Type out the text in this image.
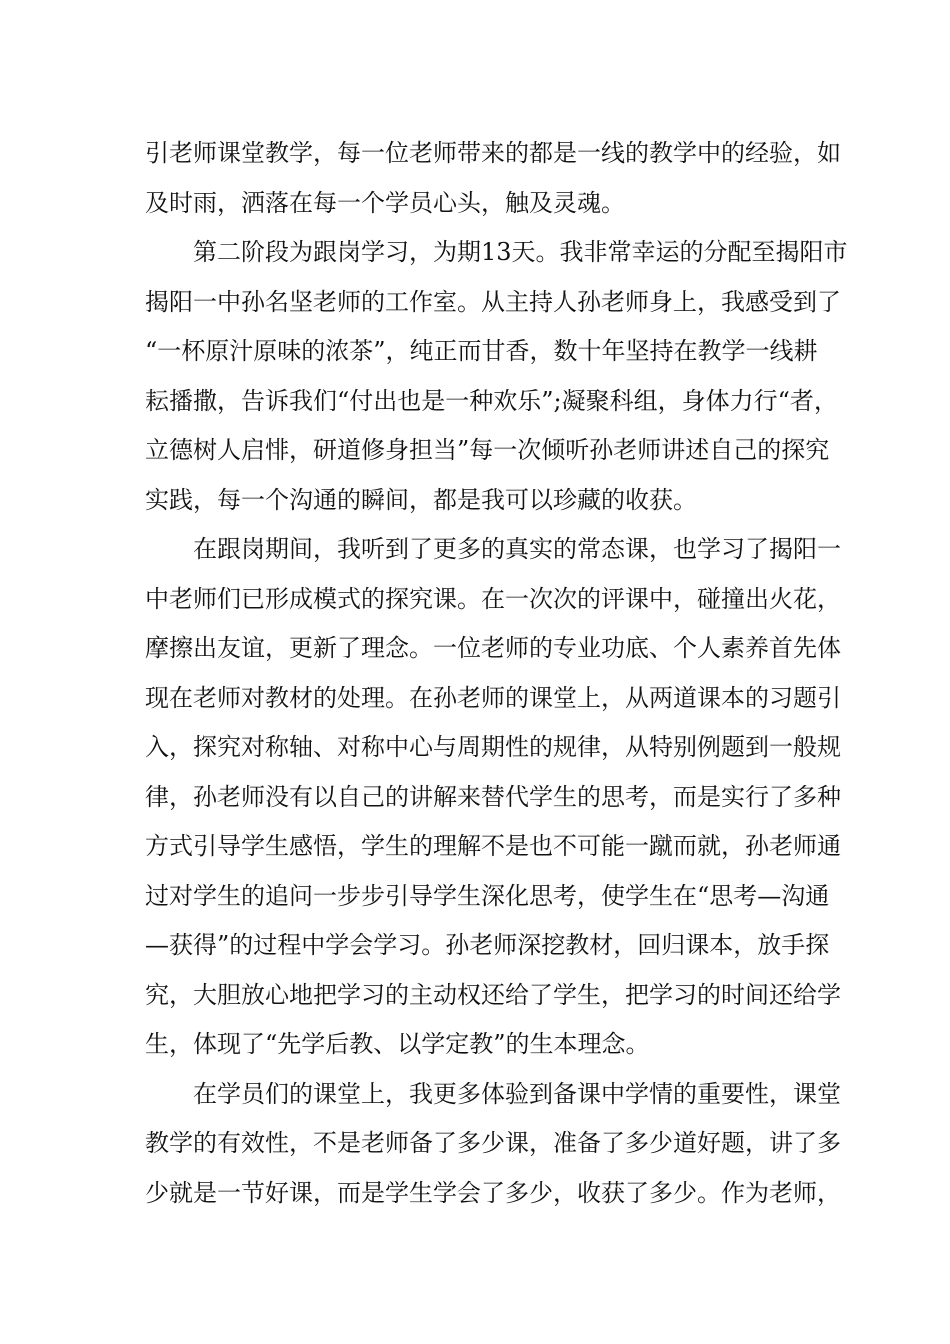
引老师课堂教学，每一位老师带来的都是一线的教学中的经验，如
及时雨，洒落在每一个学员心头，触及灵魂。
　　第二阶段为跟岗学习，为期13天。我非常幸运的分配至揭阳市
揭阳一中孙名坚老师的工作室。从主持人孙老师身上，我感受到了
“一杯原汁原味的浓茶”，纯正而甘香，数十年坚持在教学一线耕
耘播撒，告诉我们“付出也是一种欢乐”;凝聚科组，身体力行“者，
立德树人启悱，研道修身担当”每一次倾听孙老师讲述自己的探究
实践，每一个沟通的瞬间，都是我可以珍藏的收获。
　　在跟岗期间，我听到了更多的真实的常态课，也学习了揭阳一
中老师们已形成模式的探究课。在一次次的评课中，碰撞出火花，
摩擦出友谊，更新了理念。一位老师的专业功底、个人素养首先体
现在老师对教材的处理。在孙老师的课堂上，从两道课本的习题引
入，探究对称轴、对称中心与周期性的规律，从特别例题到一般规
律，孙老师没有以自己的讲解来替代学生的思考，而是实行了多种
方式引导学生感悟，学生的理解不是也不可能一蹴而就，孙老师通
过对学生的追问一步步引导学生深化思考，使学生在“思考—沟通
—获得”的过程中学会学习。孙老师深挖教材，回归课本，放手探
究，大胆放心地把学习的主动权还给了学生，把学习的时间还给学
生，体现了“先学后教、以学定教”的生本理念。
　　在学员们的课堂上，我更多体验到备课中学情的重要性，课堂
教学的有效性，不是老师备了多少课，准备了多少道好题，讲了多
少就是一节好课，而是学生学会了多少，收获了多少。作为老师，
